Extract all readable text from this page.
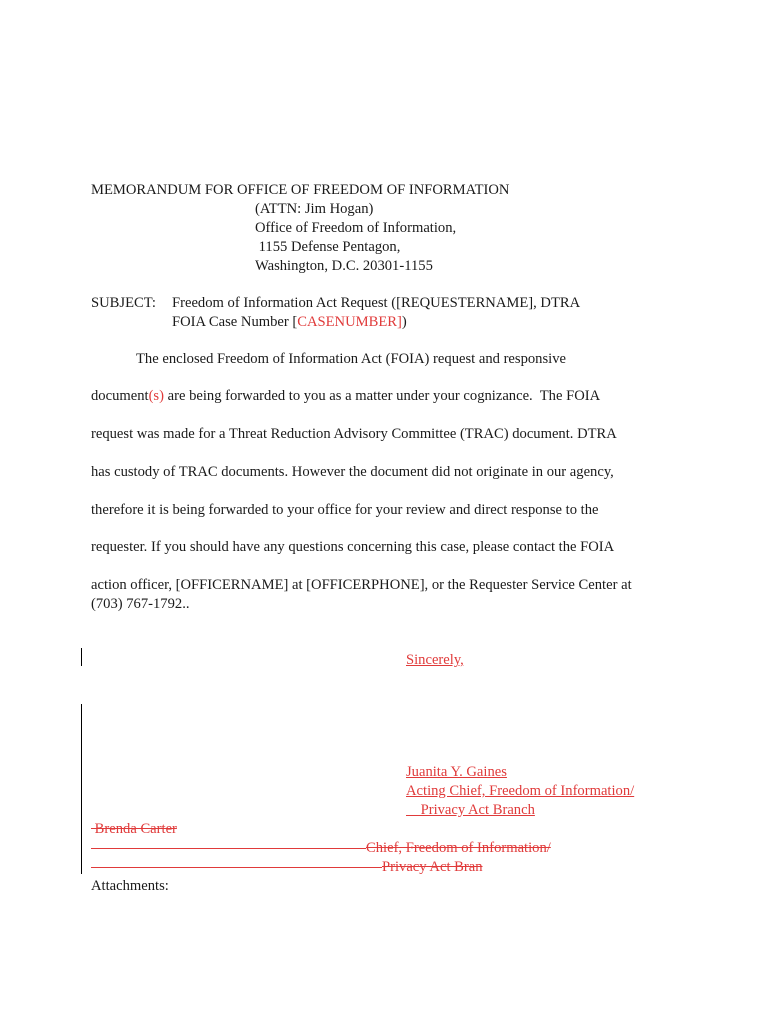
MEMORANDUM FOR OFFICE OF FREEDOM OF INFORMATION
(ATTN: Jim Hogan)
Office of Freedom of Information,
1155 Defense Pentagon,
Washington, D.C. 20301-1155
SUBJECT: Freedom of Information Act Request ([REQUESTERNAME], DTRA
FOIA Case Number [CASENUMBER])
The enclosed Freedom of Information Act (FOIA) request and responsive
document(s) are being forwarded to you as a matter under your cognizance.  The FOIA
request was made for a Threat Reduction Advisory Committee (TRAC) document. DTRA
has custody of TRAC documents. However the document did not originate in our agency,
therefore it is being forwarded to your office for your review and direct response to the
requester. If you should have any questions concerning this case, please contact the FOIA
action officer, [OFFICERNAME] at [OFFICERPHONE], or the Requester Service Center at
(703) 767-1792..
Sincerely,
Juanita Y. Gaines
Acting Chief, Freedom of Information/
Privacy Act Branch
Brenda Carter
Chief, Freedom of Information/
Privacy Act Bran
Attachments:
